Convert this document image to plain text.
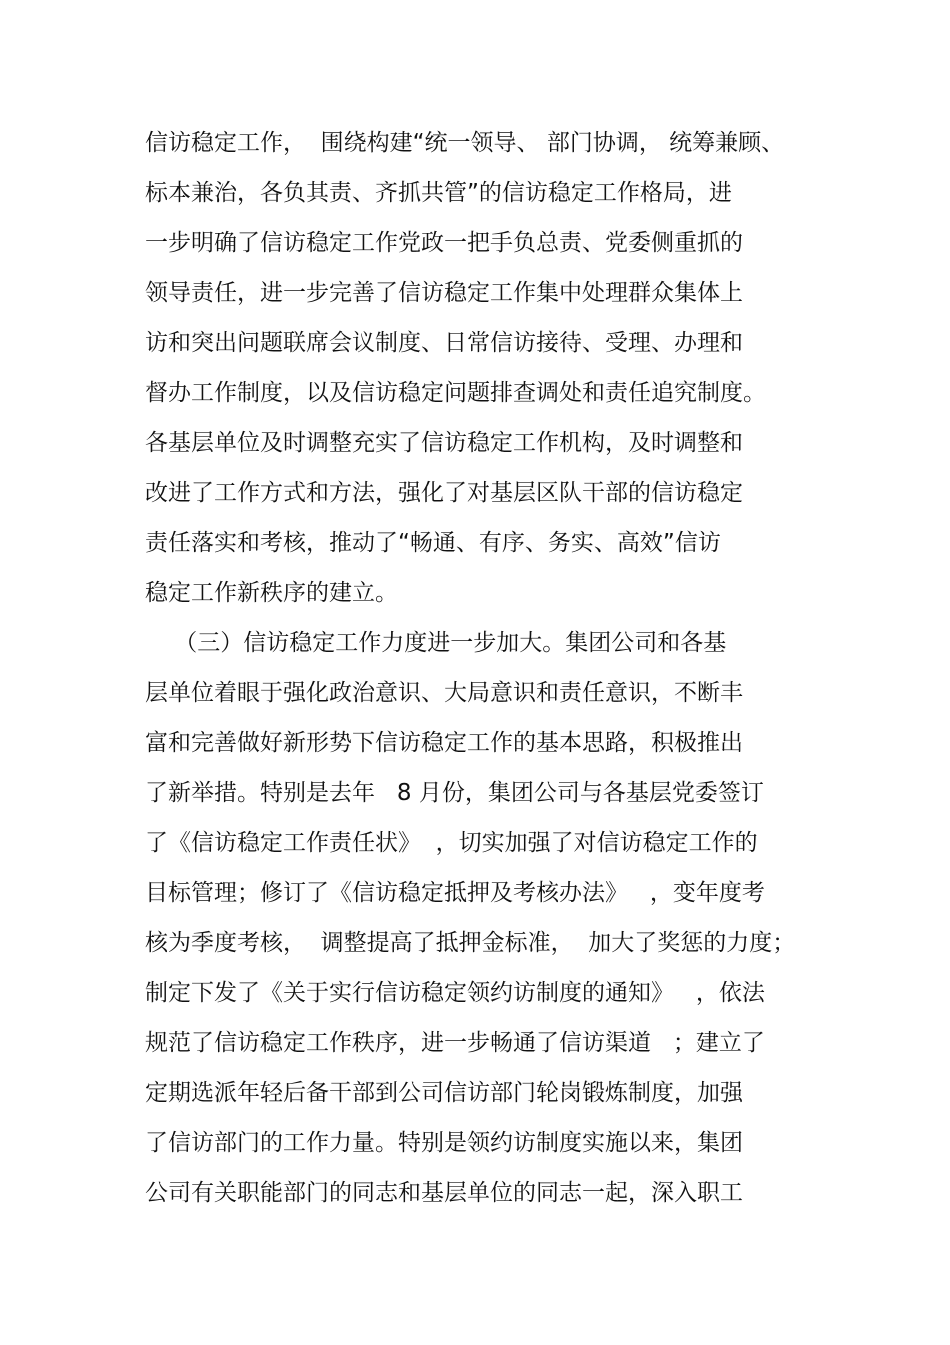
信访稳定工作，  围绕构建“统一领导、 部门协调， 统筹兼顾、
标本兼治，各负其责、齐抓共管”的信访稳定工作格局，进
一步明确了信访稳定工作党政一把手负总责、党委侧重抓的
领导责任，进一步完善了信访稳定工作集中处理群众集体上
访和突出问题联席会议制度、日常信访接待、受理、办理和
督办工作制度，以及信访稳定问题排查调处和责任追究制度。
各基层单位及时调整充实了信访稳定工作机构，及时调整和
改进了工作方式和方法，强化了对基层区队干部的信访稳定
责任落实和考核，推动了“畅通、有序、务实、高效”信访
稳定工作新秩序的建立。
（三）信访稳定工作力度进一步加大。集团公司和各基
层单位着眼于强化政治意识、大局意识和责任意识，不断丰
富和完善做好新形势下信访稳定工作的基本思路，积极推出
了新举措。特别是去年   8 月份，集团公司与各基层党委签订
了《信访稳定工作责任状》  ，切实加强了对信访稳定工作的
目标管理；修订了《信访稳定抵押及考核办法》   ，变年度考
核为季度考核，  调整提高了抵押金标准，  加大了奖惩的力度；
制定下发了《关于实行信访稳定领约访制度的通知》   ，依法
规范了信访稳定工作秩序，进一步畅通了信访渠道   ；建立了
定期选派年轻后备干部到公司信访部门轮岗锻炼制度，加强
了信访部门的工作力量。特别是领约访制度实施以来，集团
公司有关职能部门的同志和基层单位的同志一起，深入职工
